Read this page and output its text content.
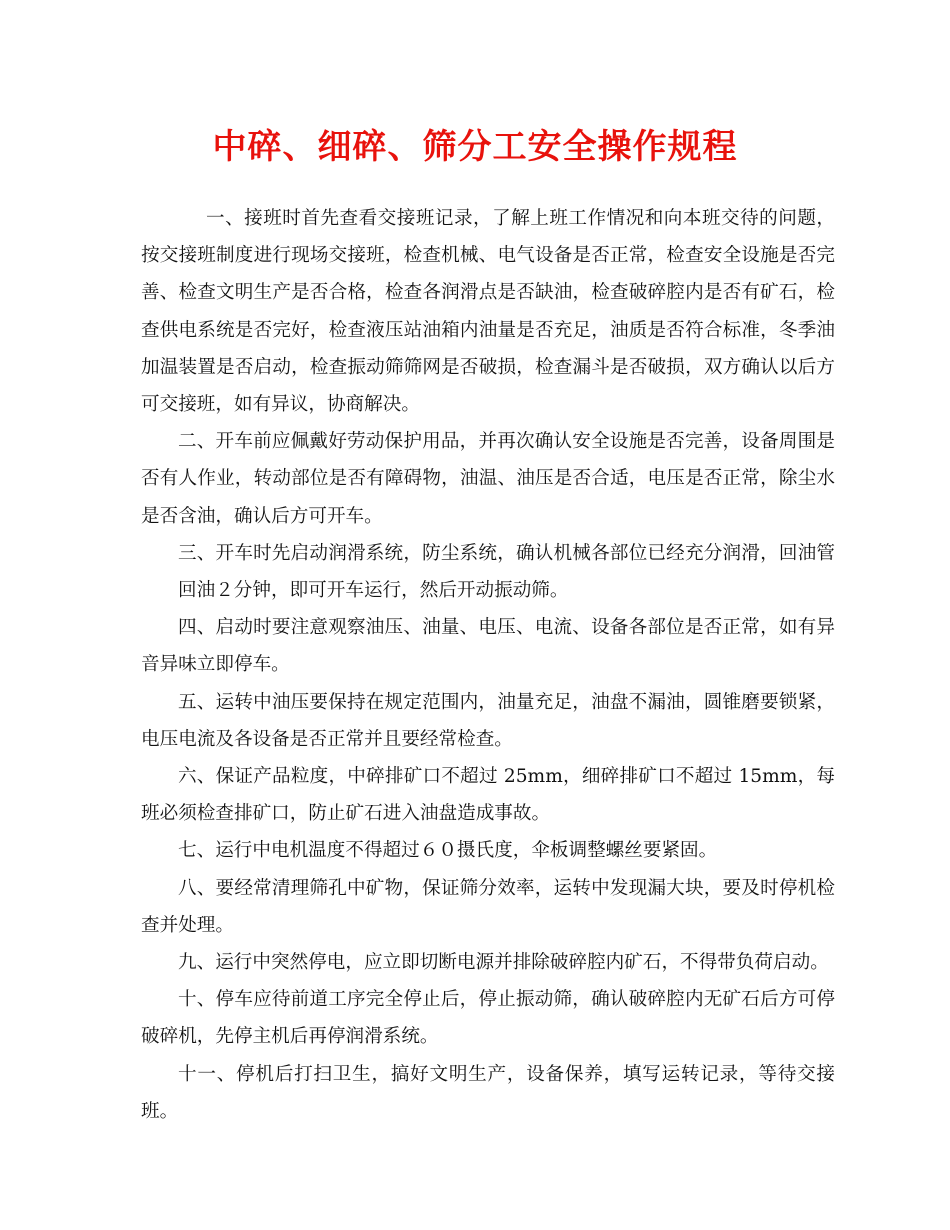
中碎、细碎、筛分工安全操作规程

一、接班时首先查看交接班记录，了解上班工作情况和向本班交待的问题，按交接班制度进行现场交接班，检查机械、电气设备是否正常，检查安全设施是否完善、检查文明生产是否合格，检查各润滑点是否缺油，检查破碎腔内是否有矿石，检查供电系统是否完好，检查液压站油箱内油量是否充足，油质是否符合标准，冬季油加温装置是否启动，检查振动筛筛网是否破损，检查漏斗是否破损，双方确认以后方可交接班，如有异议，协商解决。

二、开车前应佩戴好劳动保护用品，并再次确认安全设施是否完善，设备周围是否有人作业，转动部位是否有障碍物，油温、油压是否合适，电压是否正常，除尘水是否含油，确认后方可开车。

三、开车时先启动润滑系统，防尘系统，确认机械各部位已经充分润滑，回油管回油２分钟，即可开车运行，然后开动振动筛。

四、启动时要注意观察油压、油量、电压、电流、设备各部位是否正常，如有异音异味立即停车。

五、运转中油压要保持在规定范围内，油量充足，油盘不漏油，圆锥磨要锁紧，电压电流及各设备是否正常并且要经常检查。

六、保证产品粒度，中碎排矿口不超过 25mm，细碎排矿口不超过 15mm，每班必须检查排矿口，防止矿石进入油盘造成事故。

七、运行中电机温度不得超过６０摄氏度，伞板调整螺丝要紧固。

八、要经常清理筛孔中矿物，保证筛分效率，运转中发现漏大块，要及时停机检查并处理。

九、运行中突然停电，应立即切断电源并排除破碎腔内矿石，不得带负荷启动。

十、停车应待前道工序完全停止后，停止振动筛，确认破碎腔内无矿石后方可停破碎机，先停主机后再停润滑系统。

十一、停机后打扫卫生，搞好文明生产，设备保养，填写运转记录，等待交接班。
